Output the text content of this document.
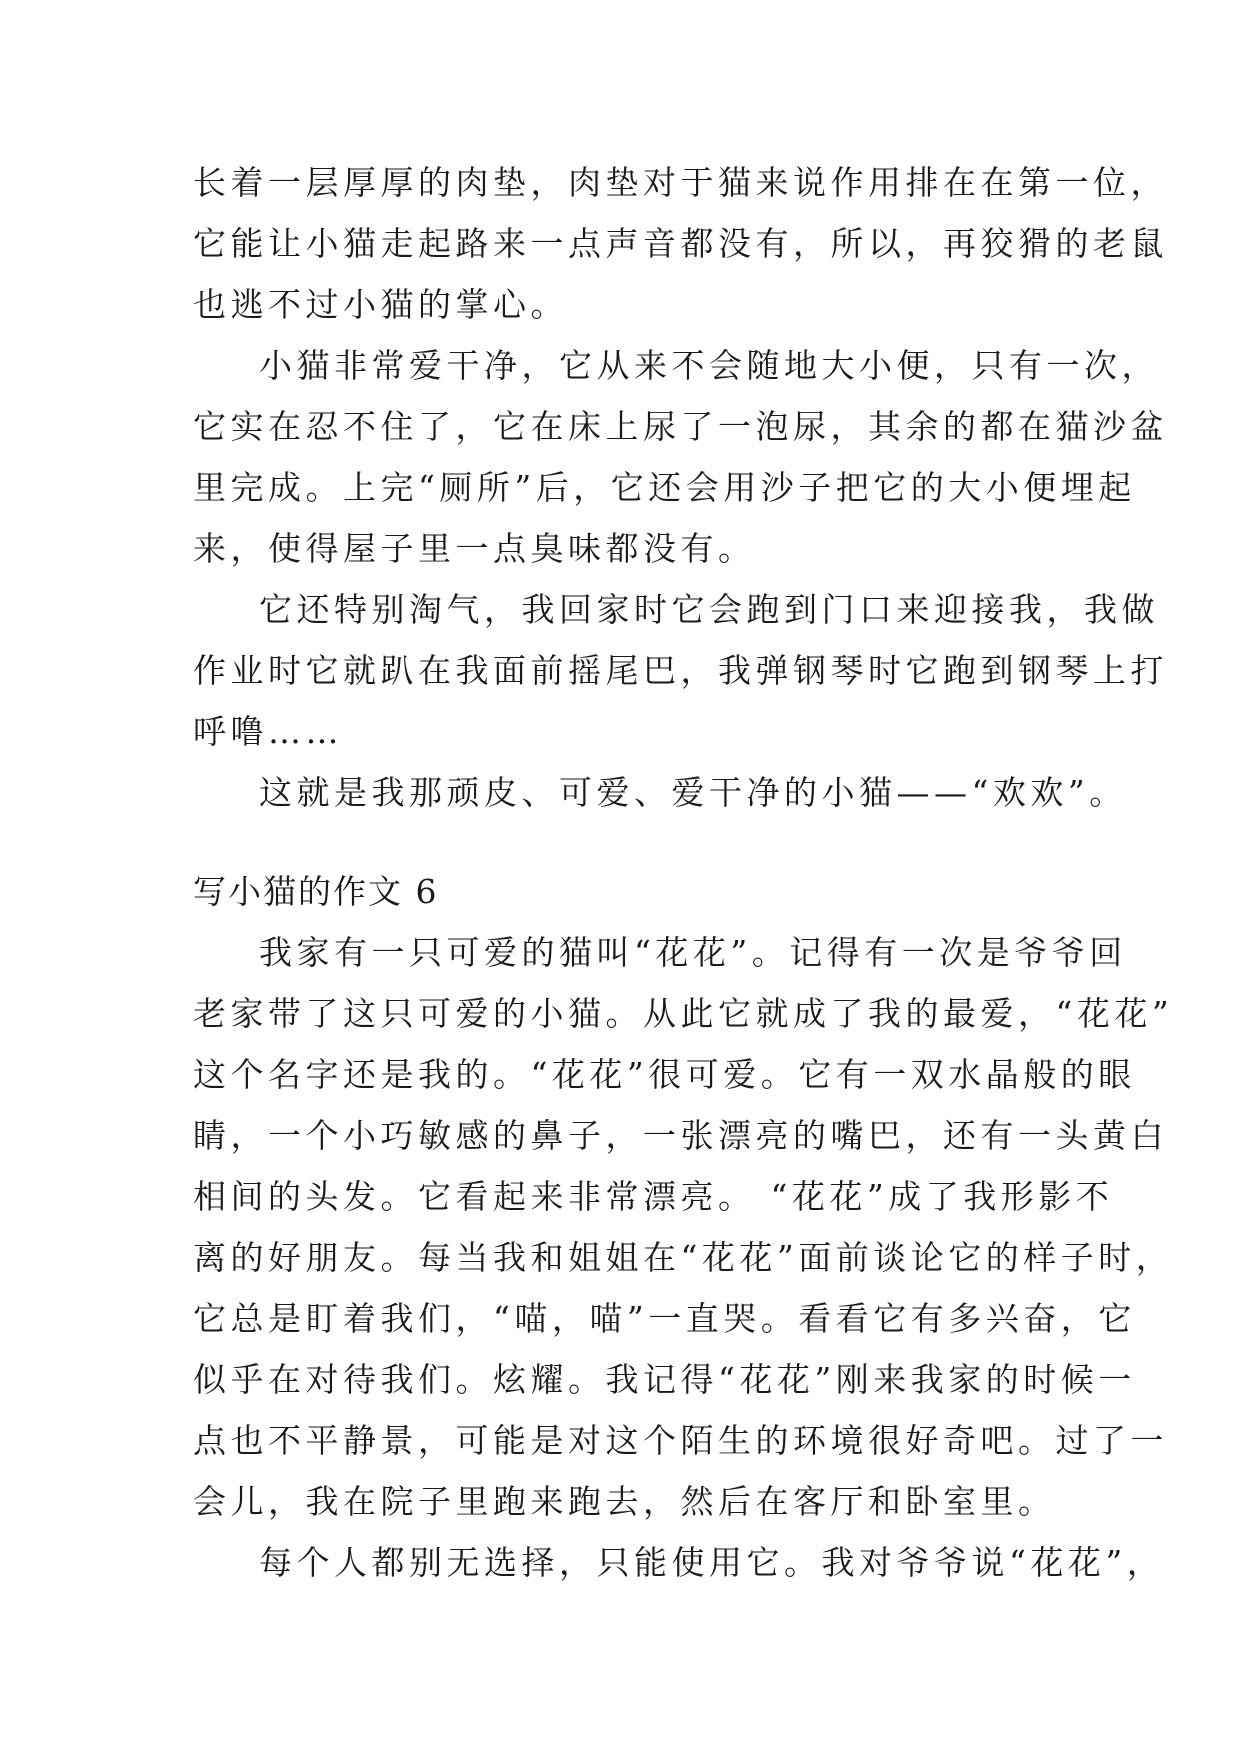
长着一层厚厚的肉垫，肉垫对于猫来说作用排在在第一位，
它能让小猫走起路来一点声音都没有，所以，再狡猾的老鼠
也逃不过小猫的掌心。
小猫非常爱干净，它从来不会随地大小便，只有一次，
它实在忍不住了，它在床上尿了一泡尿，其余的都在猫沙盆
里完成。上完“厕所”后，它还会用沙子把它的大小便埋起
来，使得屋子里一点臭味都没有。
它还特别淘气，我回家时它会跑到门口来迎接我，我做
作业时它就趴在我面前摇尾巴，我弹钢琴时它跑到钢琴上打
呼噜……
这就是我那顽皮、可爱、爱干净的小猫——“欢欢”。
写小猫的作文 6
我家有一只可爱的猫叫“花花”。记得有一次是爷爷回
老家带了这只可爱的小猫。从此它就成了我的最爱，“花花”
这个名字还是我的。“花花”很可爱。它有一双水晶般的眼
睛，一个小巧敏感的鼻子，一张漂亮的嘴巴，还有一头黄白
相间的头发。它看起来非常漂亮。 “花花”成了我形影不
离的好朋友。每当我和姐姐在“花花”面前谈论它的样子时，
它总是盯着我们，“喵，喵”一直哭。看看它有多兴奋，它
似乎在对待我们。炫耀。我记得“花花”刚来我家的时候一
点也不平静景，可能是对这个陌生的环境很好奇吧。过了一
会儿，我在院子里跑来跑去，然后在客厅和卧室里。
每个人都别无选择，只能使用它。我对爷爷说“花花”，
